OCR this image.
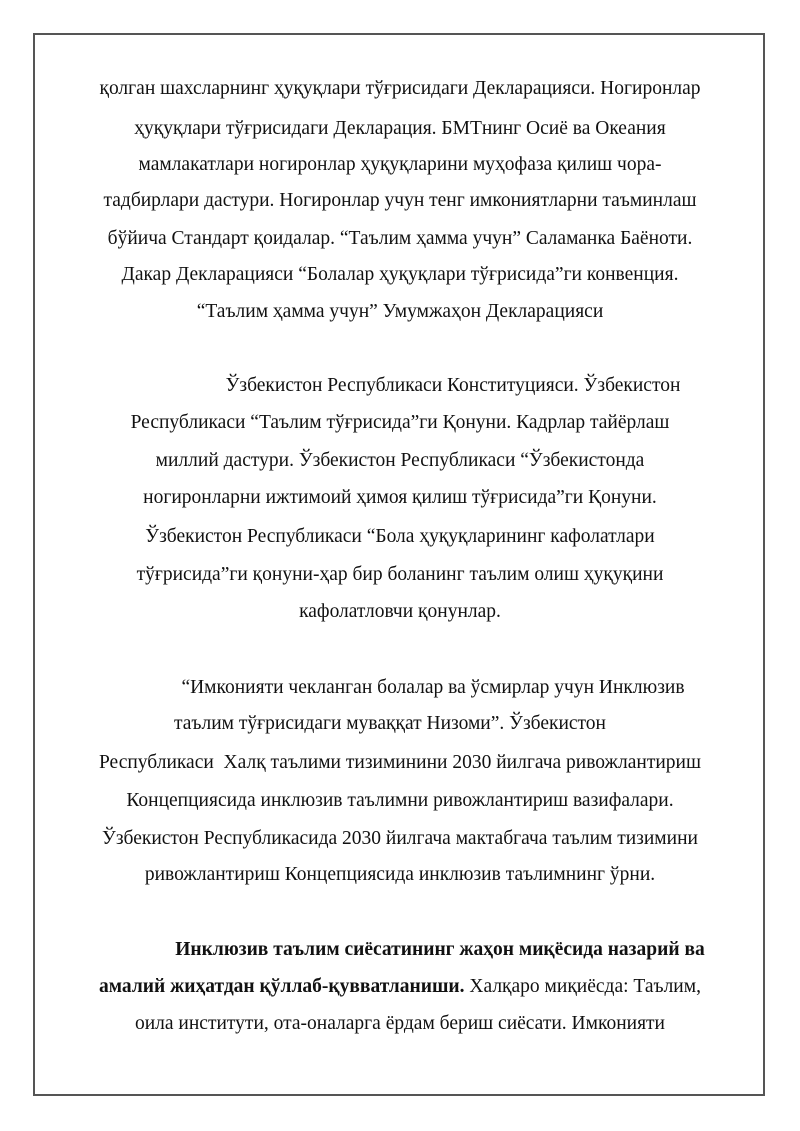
қолган шахсларнинг ҳуқуқлари тўғрисидаги Декларацияси. Ногиронлар
ҳуқуқлари тўғрисидаги Декларация. БМТнинг Осиё ва Океания
мамлакатлари ногиронлар ҳуқуқларини муҳофаза қилиш чора-
тадбирлари дастури. Ногиронлар учун тенг имкониятларни таъминлаш
бўйича Стандарт қоидалар. “Таълим ҳамма учун” Саламанка Баёноти.
Дакар Декларацияси “Болалар ҳуқуқлари тўғрисида”ги конвенция.
“Таълим ҳамма учун” Умумжаҳон Декларацияси
Ўзбекистон Республикаси Конституцияси. Ўзбекистон
Республикаси “Таълим тўғрисида”ги Қонуни. Кадрлар тайёрлаш
миллий дастури. Ўзбекистон Республикаси “Ўзбекистонда
ногиронларни ижтимоий ҳимоя қилиш тўғрисида”ги Қонуни.
Ўзбекистон Республикаси “Бола ҳуқуқларининг кафолатлари
тўғрисида”ги қонуни-ҳар бир боланинг таълим олиш ҳуқуқини
кафолатловчи қонунлар.
“Имконияти чекланган болалар ва ўсмирлар учун Инклюзив
таълим тўғрисидаги муваққат Низоми”. Ўзбекистон
Республикаси  Халқ таълими тизиминини 2030 йилгача ривожлантириш
Концепциясида инклюзив таълимни ривожлантириш вазифалари.
Ўзбекистон Республикасида 2030 йилгача мактабгача таълим тизимини
ривожлантириш Концепциясида инклюзив таълимнинг ўрни.
Инклюзив таълим сиёсатининг жаҳон миқёсида назарий ва
амалий жиҳатдан қўллаб-қувватланиши. Халқаро миқиёсда: Таълим,
оила институти, ота-оналарга ёрдам бериш сиёсати. Имконияти
